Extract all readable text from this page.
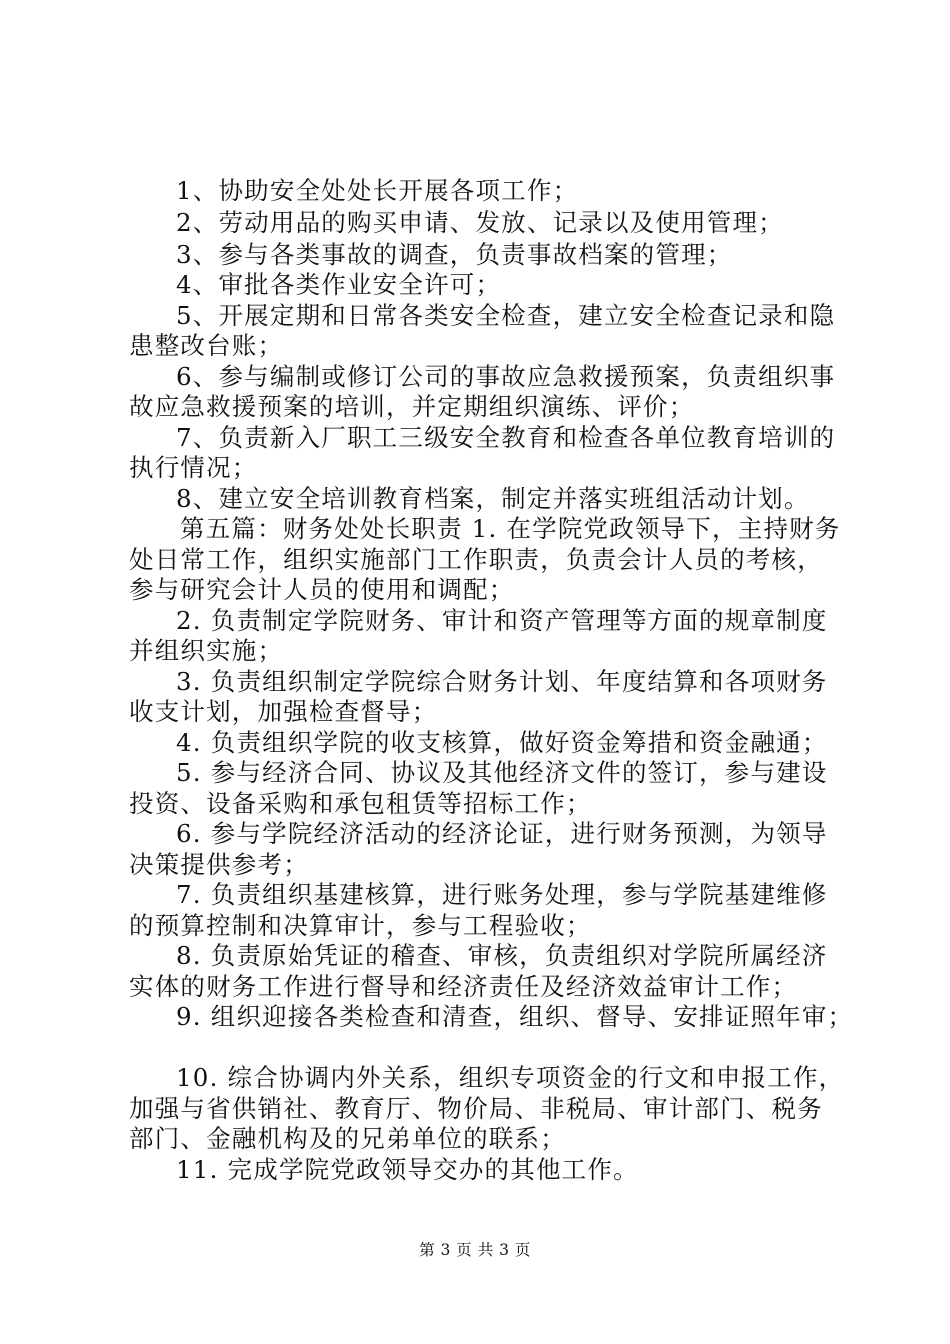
1、协助安全处处长开展各项工作；
2、劳动用品的购买申请、发放、记录以及使用管理；
3、参与各类事故的调查，负责事故档案的管理；
4、审批各类作业安全许可；
5、开展定期和日常各类安全检查，建立安全检查记录和隐
患整改台账；
6、参与编制或修订公司的事故应急救援预案，负责组织事
故应急救援预案的培训，并定期组织演练、评价；
7、负责新入厂职工三级安全教育和检查各单位教育培训的
执行情况；
8、建立安全培训教育档案，制定并落实班组活动计划。
第五篇：财务处处长职责 1. 在学院党政领导下，主持财务
处日常工作，组织实施部门工作职责，负责会计人员的考核，
参与研究会计人员的使用和调配；
2. 负责制定学院财务、审计和资产管理等方面的规章制度
并组织实施；
3. 负责组织制定学院综合财务计划、年度结算和各项财务
收支计划，加强检查督导；
4. 负责组织学院的收支核算，做好资金筹措和资金融通；
5. 参与经济合同、协议及其他经济文件的签订，参与建设
投资、设备采购和承包租赁等招标工作；
6. 参与学院经济活动的经济论证，进行财务预测，为领导
决策提供参考；
7. 负责组织基建核算，进行账务处理，参与学院基建维修
的预算控制和决算审计，参与工程验收；
8. 负责原始凭证的稽查、审核，负责组织对学院所属经济
实体的财务工作进行督导和经济责任及经济效益审计工作；
9. 组织迎接各类检查和清查，组织、督导、安排证照年审；
10. 综合协调内外关系，组织专项资金的行文和申报工作，
加强与省供销社、教育厅、物价局、非税局、审计部门、税务
部门、金融机构及的兄弟单位的联系；
11. 完成学院党政领导交办的其他工作。
第 3 页 共 3 页
